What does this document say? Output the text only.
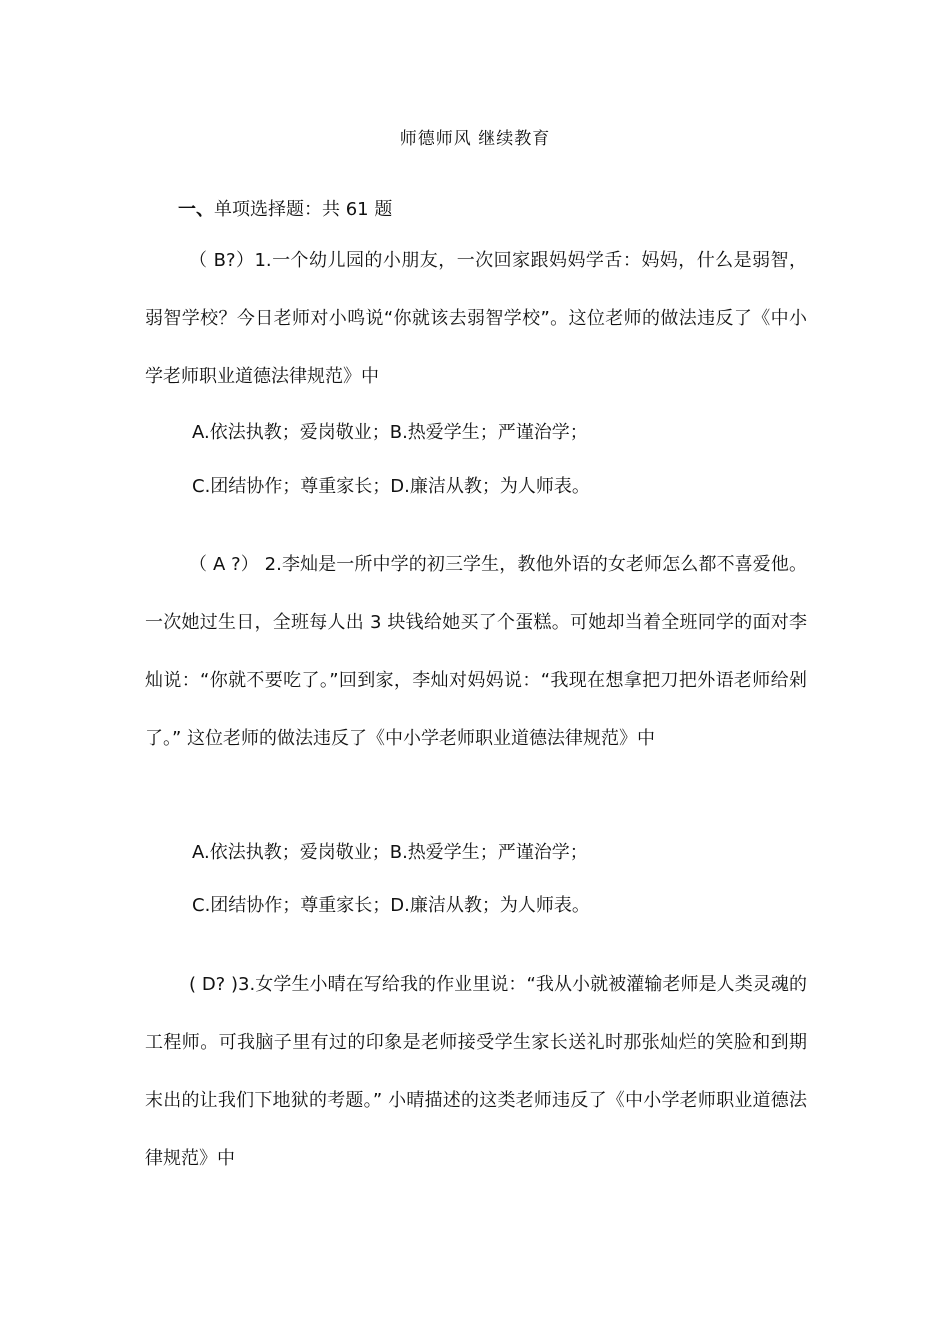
师德师风 继续教育
一、单项选择题：共 61 题

（ B?）1.一个幼儿园的小朋友，一次回家跟妈妈学舌：妈妈，什么是弱智，弱智学校？今日老师对小鸣说“你就该去弱智学校”。这位老师的做法违反了《中小学老师职业道德法律规范》中

A.依法执教；爱岗敬业；B.热爱学生；严谨治学；
C.团结协作；尊重家长；D.廉洁从教；为人师表。

（ A ?） 2.李灿是一所中学的初三学生，教他外语的女老师怎么都不喜爱他。一次她过生日，全班每人出 3 块钱给她买了个蛋糕。可她却当着全班同学的面对李灿说：“你就不要吃了。”回到家，李灿对妈妈说：“我现在想拿把刀把外语老师给剁了。” 这位老师的做法违反了《中小学老师职业道德法律规范》中

A.依法执教；爱岗敬业；B.热爱学生；严谨治学；
C.团结协作；尊重家长；D.廉洁从教；为人师表。

( D? )3.女学生小晴在写给我的作业里说：“我从小就被灌输老师是人类灵魂的工程师。可我脑子里有过的印象是老师接受学生家长送礼时那张灿烂的笑脸和到期末出的让我们下地狱的考题。” 小晴描述的这类老师违反了《中小学老师职业道德法律规范》中
